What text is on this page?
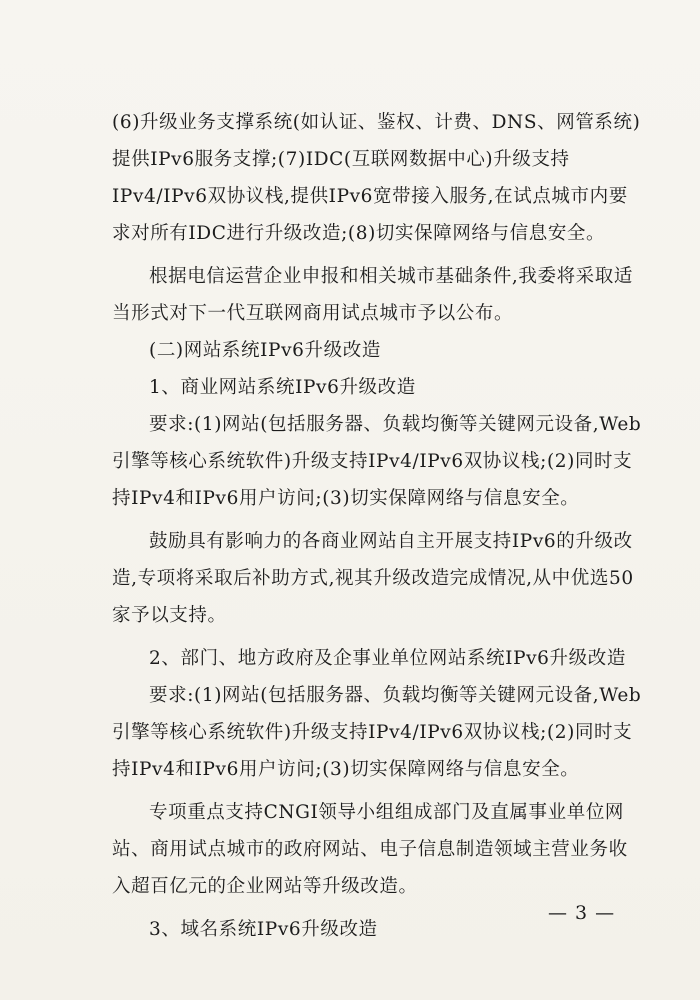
(6)升级业务支撑系统(如认证、鉴权、计费、DNS、网管系统)提供IPv6服务支撑;(7)IDC(互联网数据中心)升级支持IPv4/IPv6双协议栈,提供IPv6宽带接入服务,在试点城市内要求对所有IDC进行升级改造;(8)切实保障网络与信息安全。

根据电信运营企业申报和相关城市基础条件,我委将采取适当形式对下一代互联网商用试点城市予以公布。

(二)网站系统IPv6升级改造

1、商业网站系统IPv6升级改造

要求:(1)网站(包括服务器、负载均衡等关键网元设备,Web引擎等核心系统软件)升级支持IPv4/IPv6双协议栈;(2)同时支持IPv4和IPv6用户访问;(3)切实保障网络与信息安全。

鼓励具有影响力的各商业网站自主开展支持IPv6的升级改造,专项将采取后补助方式,视其升级改造完成情况,从中优选50家予以支持。

2、部门、地方政府及企事业单位网站系统IPv6升级改造

要求:(1)网站(包括服务器、负载均衡等关键网元设备,Web引擎等核心系统软件)升级支持IPv4/IPv6双协议栈;(2)同时支持IPv4和IPv6用户访问;(3)切实保障网络与信息安全。

专项重点支持CNGI领导小组组成部门及直属事业单位网站、商用试点城市的政府网站、电子信息制造领域主营业务收入超百亿元的企业网站等升级改造。

3、域名系统IPv6升级改造

— 3 —
